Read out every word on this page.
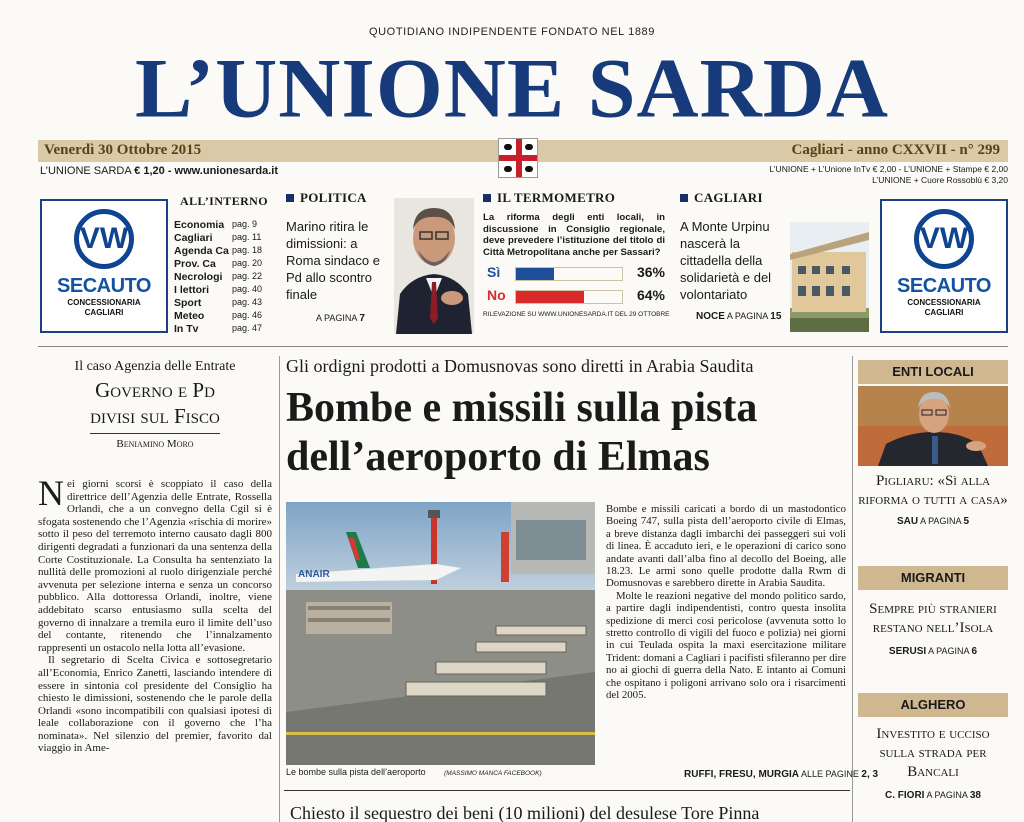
QUOTIDIANO INDIPENDENTE FONDATO NEL 1889
L’UNIONE SARDA
Venerdì 30 Ottobre 2015	Cagliari - anno CXXVII - n° 299
L’UNIONE SARDA € 1,20 - www.unionesarda.it	L’UNIONE + L’Unione InTv € 2,00 - L’UNIONE + Stampe € 2,00
L’UNIONE + Cuore Rossoblù € 3,20
VW
SECAUTO
CONCESSIONARIA
CAGLIARI
VW
SECAUTO
CONCESSIONARIA
CAGLIARI
ALL’INTERNO
Economia pag. 9
Cagliari pag. 11
Agenda Ca pag. 18
Prov. Ca pag. 20
Necrologi pag. 22
I lettori	pag. 40
Sport	pag. 43
Meteo	pag. 46
In Tv	pag. 47
POLITICA
Marino ritira le dimissioni: a Roma sindaco e Pd allo scontro finale
A PAGINA 7
IL TERMOMETRO
La riforma degli enti locali, in discussione in Consiglio regionale, deve prevedere l’istituzione del titolo di Città Metropolitana anche per Sassari?
Sì	36%
No	64%
RILEVAZIONE SU WWW.UNIONESARDA.IT DEL 29 OTTOBRE
CAGLIARI
A Monte Urpinu nascerà la cittadella della solidarietà e del volontariato
NOCE A PAGINA 15
Il caso Agenzia delle Entrate
Governo e Pd
divisi sul Fisco
Beniamino Moro
Nei giorni scorsi è scoppiato il caso della direttrice dell’Agenzia delle Entrate, Rossella Orlandi, che a un convegno della Cgil si è sfogata sostenendo che l’Agenzia «rischia di morire» sotto il peso del terremoto interno causato dagli 800 dirigenti degradati a funzionari da una sentenza della Corte Costituzionale. La Consulta ha sentenziato la nullità delle promozioni al ruolo dirigenziale perché avvenuta per selezione interna e senza un concorso pubblico. Alla dottoressa Orlandi, inoltre, viene addebitato scarso entusiasmo sulla scelta del governo di innalzare a tremila euro il limite dell’uso del contante, ritenendo che l’innalzamento rappresenti un ostacolo nella lotta all’evasione.
Il segretario di Scelta Civica e sottosegretario all’Economia, Enrico Zanetti, lasciando intendere di essere in sintonia col presidente del Consiglio ha chiesto le dimissioni, sostenendo che le parole della Orlandi «sono incompatibili con qualsiasi ipotesi di leale collaborazione con il governo che l’ha nominata». Nel silenzio del premier, favorito dal viaggio in Ame-
Gli ordigni prodotti a Domusnovas sono diretti in Arabia Saudita
Bombe e missili sulla pista
dell’aeroporto di Elmas
ANAIR
Le bombe sulla pista dell’aeroporto	(MASSIMO MANCA FACEBOOK)
Bombe e missili caricati a bordo di un mastodontico Boeing 747, sulla pista dell’aeroporto civile di Elmas, a breve distanza dagli imbarchi dei passeggeri sui voli di linea. È accaduto ieri, e le operazioni di carico sono andate avanti dall’alba fino al decollo del Boeing, alle 18.23. Le armi sono quelle prodotte dalla Rwm di Domusnovas e sarebbero dirette in Arabia Saudita.
Molte le reazioni negative del mondo politico sardo, a partire dagli indipendentisti, contro questa insolita spedizione di merci così pericolose (avvenuta sotto lo stretto controllo di vigili del fuoco e polizia) nei giorni in cui Teulada ospita la maxi esercitazione militare Trident: domani a Cagliari i pacifisti sfileranno per dire no ai giochi di guerra della Nato. E intanto ai Comuni che ospitano i poligoni arrivano solo ora i risarcimenti del 2005.
RUFFI, FRESU, MURGIA ALLE PAGINE 2, 3
Chiesto il sequestro dei beni (10 milioni) del desulese Tore Pinna
ENTI LOCALI
Pigliaru: «Sì alla riforma o tutti a casa»
SAU A PAGINA 5
MIGRANTI
Sempre più stranieri restano nell’Isola
SERUSI A PAGINA 6
ALGHERO
Investito e ucciso sulla strada per Bancali
C. FIORI A PAGINA 38
